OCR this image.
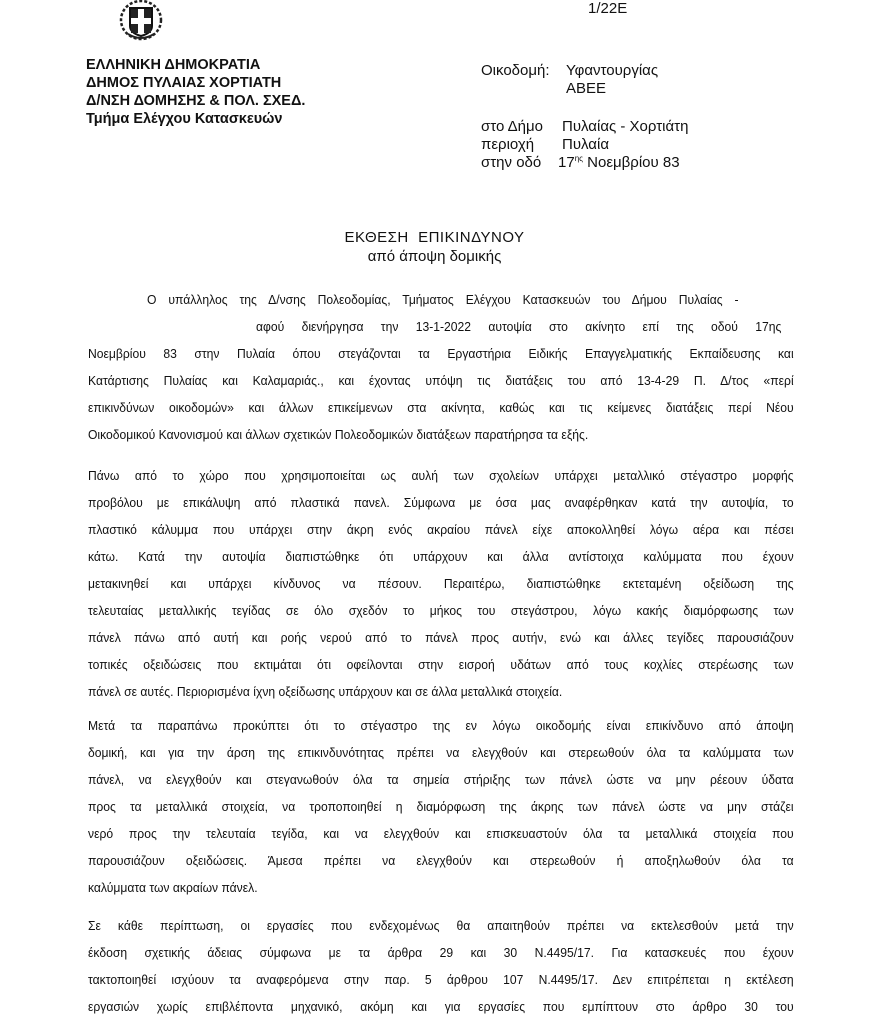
ΕΛΛΗΝΙΚΗ ΔΗΜΟΚΡΑΤΙΑ
ΔΗΜΟΣ ΠΥΛΑΙΑΣ ΧΟΡΤΙΑΤΗ
Δ/ΝΣΗ ΔΟΜΗΣΗΣ & ΠΟΛ. ΣΧΕΔ.
Τμήμα Ελέγχου Κατασκευών
1/22Ε
Οικοδομή:	Υφαντουργίας
ΑΒΕΕ
στο Δήμο	Πυλαίας - Χορτιάτη
περιοχή	Πυλαία
στην οδό	$17^{\eta\varsigma}$ Νοεμβρίου 83
ΕΚΘΕΣΗ  ΕΠΙΚΙΝΔΥΝΟΥ
από άποψη δομικής
Ο υπάλληλος της Δ/νσης Πολεοδομίας, Τμήματος Ελέγχου Κατασκευών του Δήμου Πυλαίας -
αφού διενήργησα την 13-1-2022 αυτοψία στο ακίνητο επί της οδού 17ης
Νοεμβρίου 83 στην Πυλαία όπου στεγάζονται τα Εργαστήρια Ειδικής Επαγγελματικής Εκπαίδευσης και
Κατάρτισης Πυλαίας και Καλαμαριάς., και έχοντας υπόψη τις διατάξεις του από 13-4-29 Π. Δ/τος «περί
επικινδύνων οικοδομών» και άλλων επικείμενων στα ακίνητα, καθώς και τις κείμενες διατάξεις περί Νέου
Οικοδομικού Κανονισμού και άλλων σχετικών Πολεοδομικών διατάξεων παρατήρησα τα εξής.
Πάνω από το χώρο που χρησιμοποιείται ως αυλή των σχολείων υπάρχει μεταλλικό στέγαστρο μορφής
προβόλου με επικάλυψη από πλαστικά πανελ. Σύμφωνα με όσα μας αναφέρθηκαν κατά την αυτοψία, το
πλαστικό κάλυμμα που υπάρχει στην άκρη ενός ακραίου πάνελ είχε αποκολληθεί λόγω αέρα και πέσει
κάτω. Κατά την αυτοψία διαπιστώθηκε ότι υπάρχουν και άλλα αντίστοιχα καλύμματα που έχουν
μετακινηθεί και υπάρχει κίνδυνος να πέσουν. Περαιτέρω, διαπιστώθηκε εκτεταμένη οξείδωση της
τελευταίας μεταλλικής τεγίδας σε όλο σχεδόν το μήκος του στεγάστρου, λόγω κακής διαμόρφωσης των
πάνελ πάνω από αυτή και ροής νερού από το πάνελ προς αυτήν, ενώ και άλλες τεγίδες παρουσιάζουν
τοπικές οξειδώσεις που εκτιμάται ότι οφείλονται στην εισροή υδάτων από τους κοχλίες στερέωσης των
πάνελ σε αυτές. Περιορισμένα ίχνη οξείδωσης υπάρχουν και σε άλλα μεταλλικά στοιχεία.
Μετά τα παραπάνω προκύπτει ότι το στέγαστρο της εν λόγω οικοδομής είναι επικίνδυνο από άποψη
δομική, και για την άρση της επικινδυνότητας πρέπει να ελεγχθούν και στερεωθούν όλα τα καλύμματα των
πάνελ, να ελεγχθούν και στεγανωθούν όλα τα σημεία στήριξης των πάνελ ώστε να μην ρέεουν ύδατα
προς τα μεταλλικά στοιχεία, να τροποποιηθεί η διαμόρφωση της άκρης των πάνελ ώστε να μην στάζει
νερό προς την τελευταία τεγίδα, και να ελεγχθούν και επισκευαστούν όλα τα μεταλλικά στοιχεία που
παρουσιάζουν οξειδώσεις. Άμεσα πρέπει να ελεγχθούν και στερεωθούν ή αποξηλωθούν όλα τα
καλύμματα των ακραίων πάνελ.
Σε κάθε περίπτωση, οι εργασίες που ενδεχομένως θα απαιτηθούν πρέπει να εκτελεσθούν μετά την
έκδοση σχετικής άδειας σύμφωνα με τα άρθρα 29 και 30 Ν.4495/17. Για κατασκευές που έχουν
τακτοποιηθεί ισχύουν τα αναφερόμενα στην παρ. 5 άρθρου 107 Ν.4495/17. Δεν επιτρέπεται η εκτέλεση
εργασιών χωρίς επιβλέποντα μηχανικό, ακόμη και για εργασίες που εμπίπτουν στο άρθρο 30 του
